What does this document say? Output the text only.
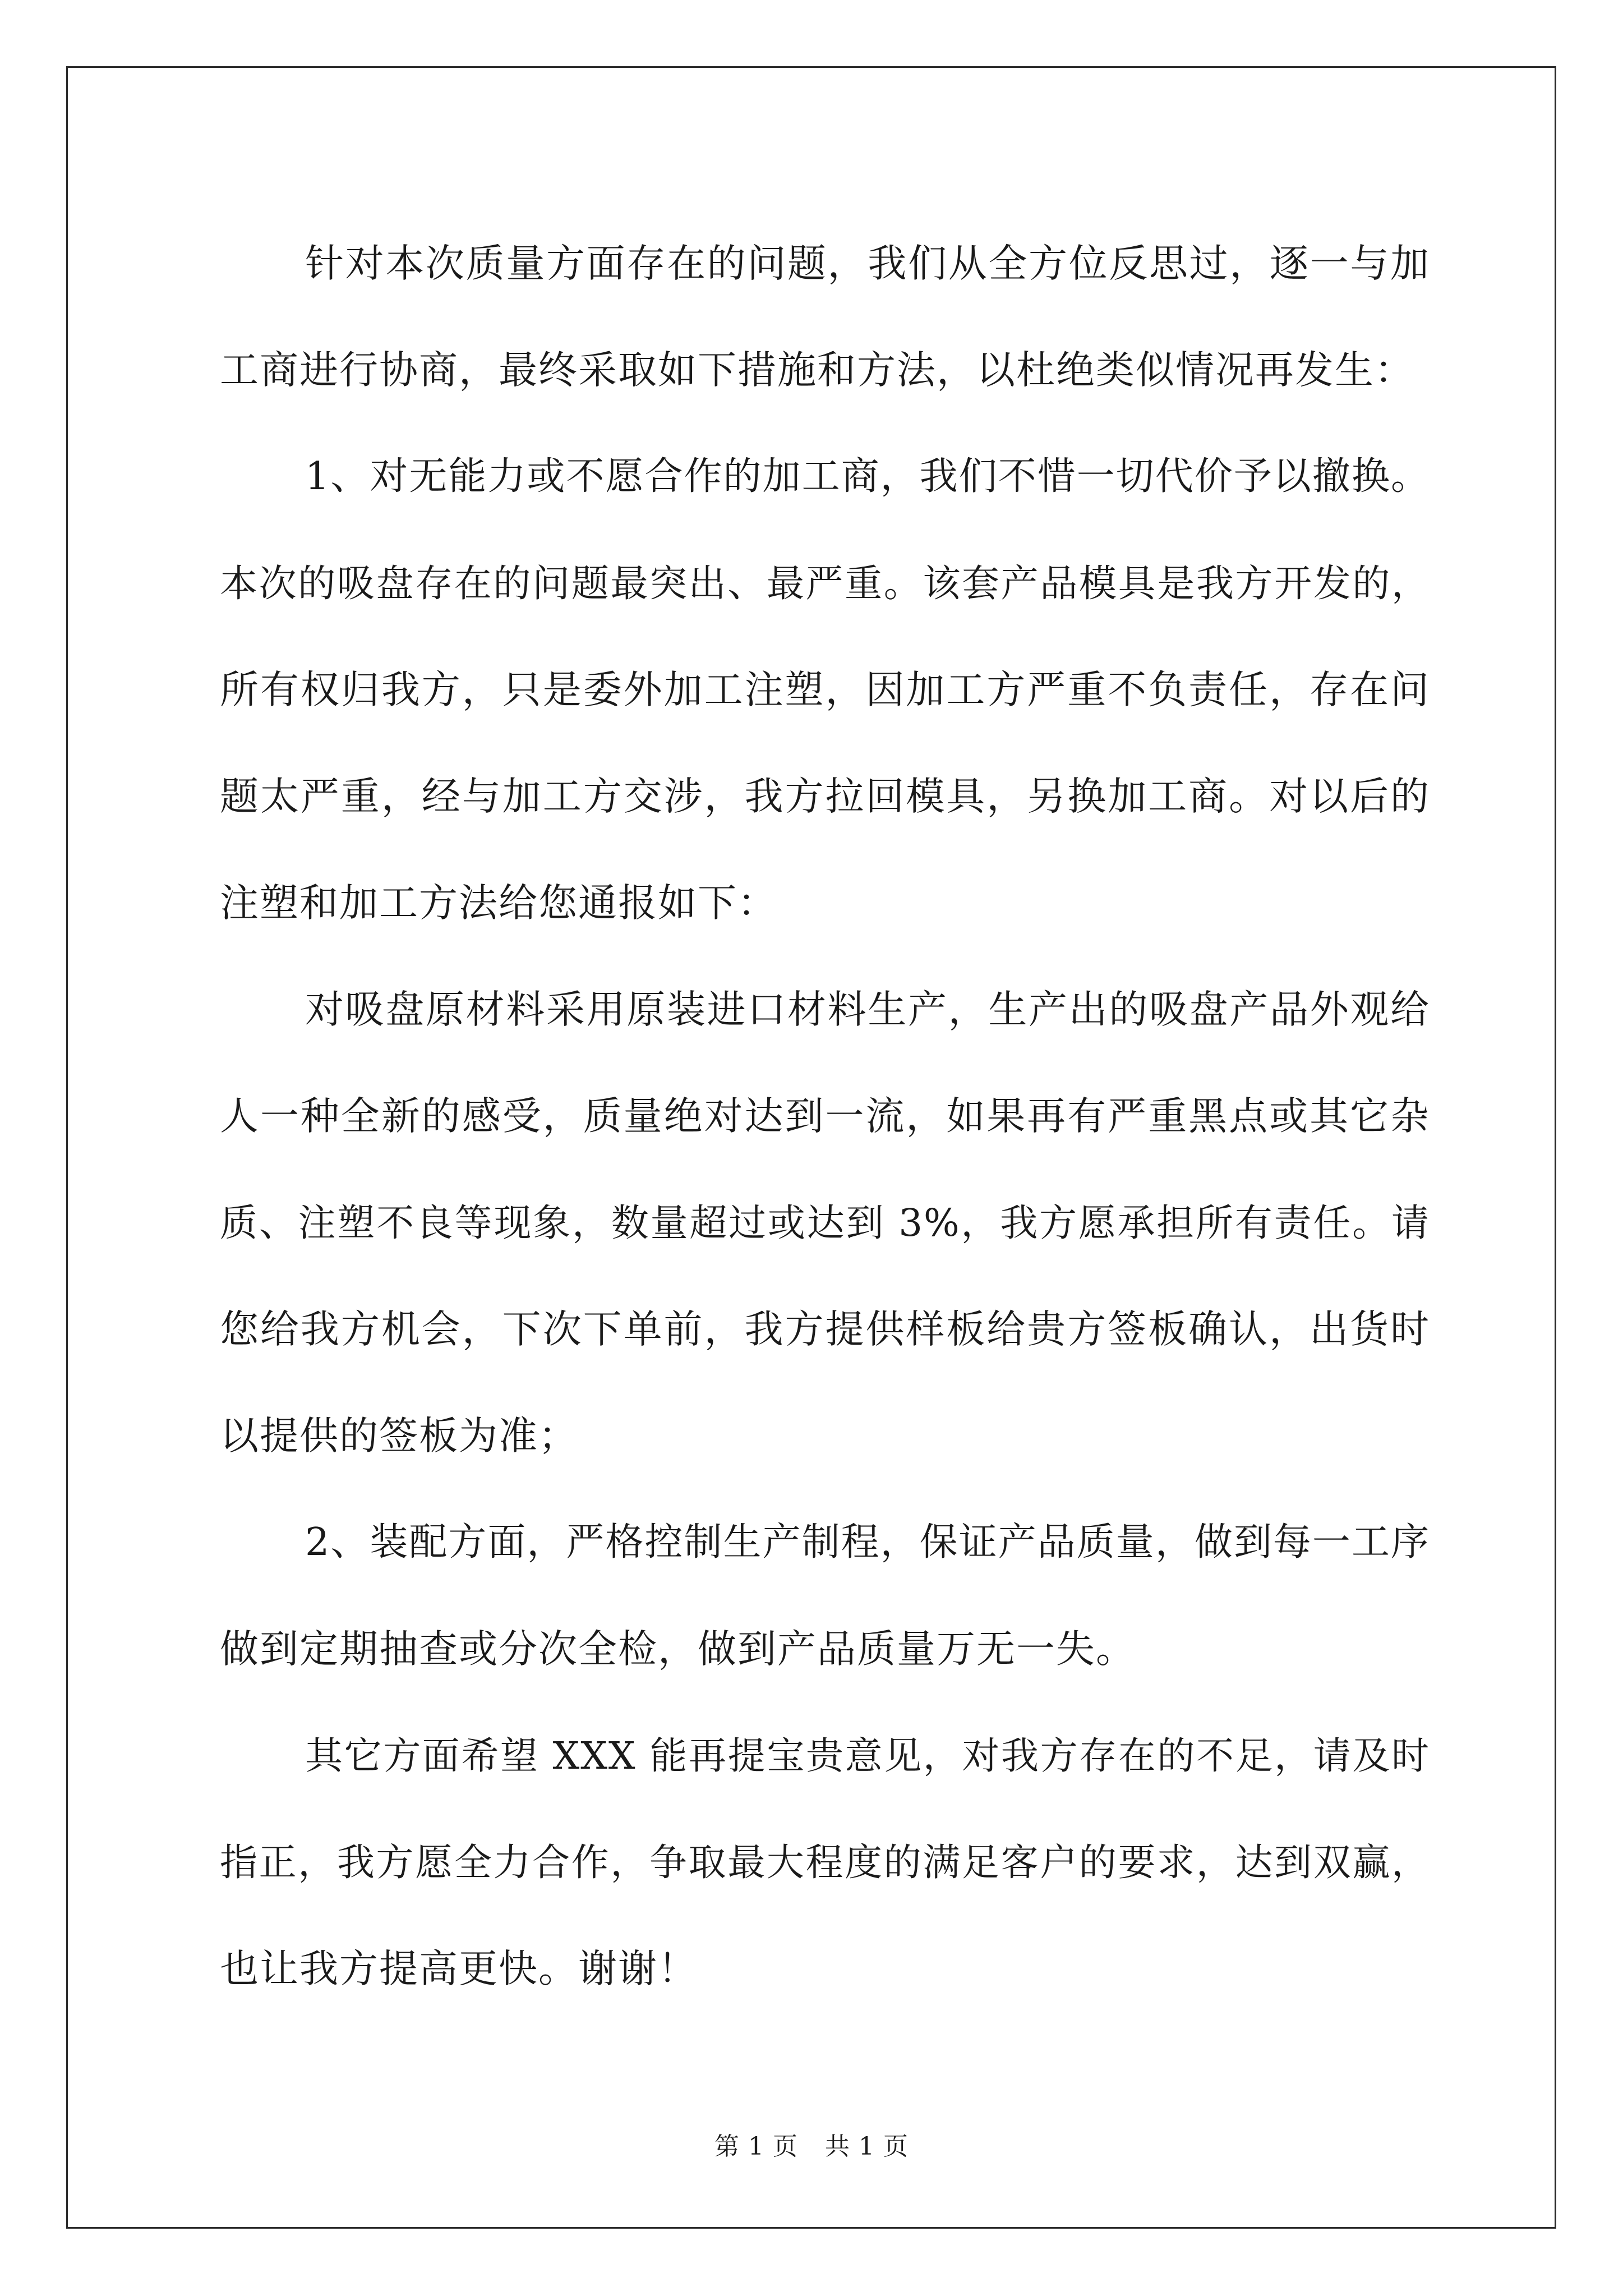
针对本次质量方面存在的问题，我们从全方位反思过，逐一与加
工商进行协商，最终采取如下措施和方法，以杜绝类似情况再发生：
1、对无能力或不愿合作的加工商，我们不惜一切代价予以撤换。
本次的吸盘存在的问题最突出、最严重。该套产品模具是我方开发的，
所有权归我方，只是委外加工注塑，因加工方严重不负责任，存在问
题太严重，经与加工方交涉，我方拉回模具，另换加工商。对以后的
注塑和加工方法给您通报如下：
对吸盘原材料采用原装进口材料生产，生产出的吸盘产品外观给
人一种全新的感受，质量绝对达到一流，如果再有严重黑点或其它杂
质、注塑不良等现象，数量超过或达到 3%，我方愿承担所有责任。请
您给我方机会，下次下单前，我方提供样板给贵方签板确认，出货时
以提供的签板为准；
2、装配方面，严格控制生产制程，保证产品质量，做到每一工序
做到定期抽查或分次全检，做到产品质量万无一失。
其它方面希望 XXX 能再提宝贵意见，对我方存在的不足，请及时
指正，我方愿全力合作，争取最大程度的满足客户的要求，达到双赢，
也让我方提高更快。谢谢！
第 1 页 共 1 页
